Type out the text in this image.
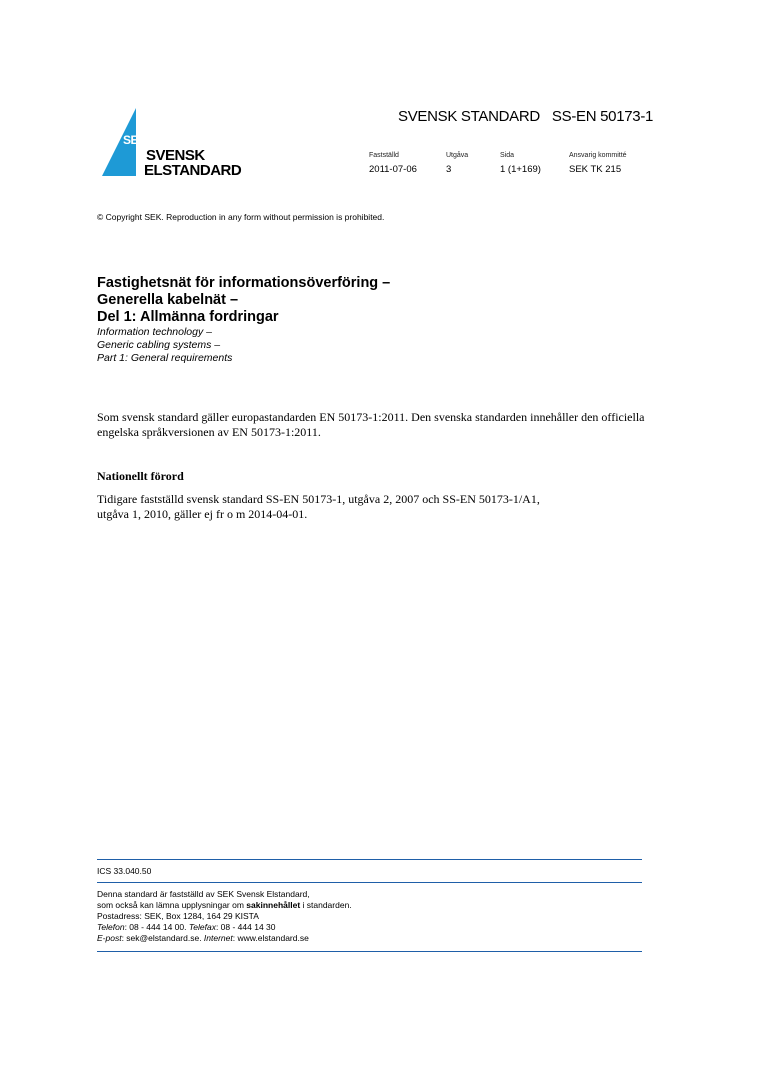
SEK
SVENSK
ELSTANDARD
SVENSK STANDARD SS-EN 50173-1
Fastställd	Utgåva	Sida	Ansvarig kommitté
2011-07-06	3	1 (1+169)	SEK TK 215
© Copyright SEK. Reproduction in any form without permission is prohibited.
Fastighetsnät för informationsöverföring –
Generella kabelnät –
Del 1: Allmänna fordringar
Information technology –
Generic cabling systems –
Part 1: General requirements
Som svensk standard gäller europastandarden EN 50173-1:2011. Den svenska standarden innehåller den officiella engelska språkversionen av EN 50173-1:2011.
Nationellt förord
Tidigare fastställd svensk standard SS-EN 50173-1, utgåva 2, 2007 och SS-EN 50173-1/A1,
utgåva 1, 2010, gäller ej fr o m 2014-04-01.
ICS 33.040.50
Denna standard är fastställd av SEK Svensk Elstandard,
som också kan lämna upplysningar om sakinnehållet i standarden.
Postadress: SEK, Box 1284, 164 29 KISTA
Telefon: 08 - 444 14 00. Telefax: 08 - 444 14 30
E-post: sek@elstandard.se. Internet: www.elstandard.se
